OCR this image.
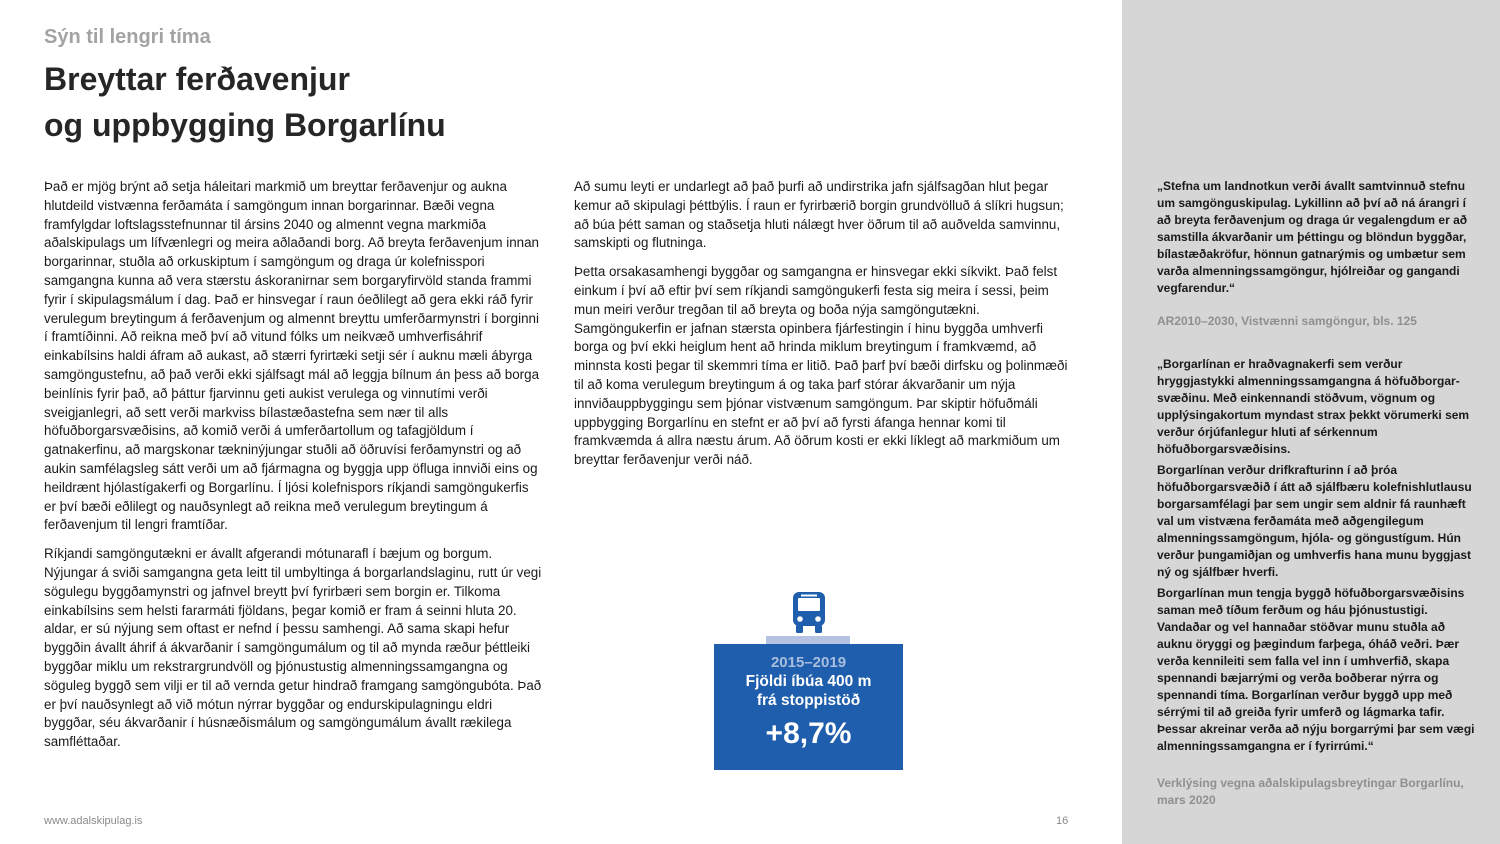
Sýn til lengri tíma
Breyttar ferðavenjur
og uppbygging Borgarlínu

Það er mjög brýnt að setja háleitari markmið um breyttar ferðavenjur og aukna hlutdeild vistvænna ferðamáta í samgöngum innan borgarinnar. Bæði vegna framfylgdar loftslagsstefnunnar til ársins 2040 og almennt vegna markmiða aðalskipulags um lífvænlegri og meira aðlaðandi borg. Að breyta ferðavenjum innan borgarinnar, stuðla að orkuskiptum í samgöngum og draga úr kolefnisspori samgangna kunna að vera stærstu áskoranirnar sem borgaryfirvöld standa frammi fyrir í skipulagsmálum í dag. Það er hinsvegar í raun óeðlilegt að gera ekki ráð fyrir verulegum breytingum á ferðavenjum og almennt breyttu umferðarmynstri í borginni í framtíðinni. Að reikna með því að vitund fólks um neikvæð umhverfisáhrif einkabílsins haldi áfram að aukast, að stærri fyrirtæki setji sér í auknu mæli ábyrga samgöngustefnu, að það verði ekki sjálfsagt mál að leggja bílnum án þess að borga beinlínis fyrir það, að þáttur fjarvinnu geti aukist verulega og vinnutími verði sveigjanlegri, að sett verði markviss bílastæðastefna sem nær til alls höfuðborgarsvæðisins, að komið verði á umferðartollum og tafagjöldum í gatnakerfinu, að margskonar tækninýjungar stuðli að öðruvísi ferðamynstri og að aukin samfélagsleg sátt verði um að fjármagna og byggja upp öfluga innviði eins og heildrænt hjólastígakerfi og Borgarlínu. Í ljósi kolefnispors ríkjandi samgöngukerfis er því bæði eðlilegt og nauðsynlegt að reikna með verulegum breytingum á ferðavenjum til lengri framtíðar.

Ríkjandi samgöngutækni er ávallt afgerandi mótunarafl í bæjum og borgum. Nýjungar á sviði samgangna geta leitt til umbyltinga á borgarlandslaginu, rutt úr vegi sögulegu byggðamynstri og jafnvel breytt því fyrirbæri sem borgin er. Tilkoma einkabílsins sem helsti fararmáti fjöldans, þegar komið er fram á seinni hluta 20. aldar, er sú nýjung sem oftast er nefnd í þessu samhengi. Að sama skapi hefur byggðin ávallt áhrif á ákvarðanir í samgöngumálum og til að mynda ræður þéttleiki byggðar miklu um rekstrargrundvöll og þjónustustig almenningssamgangna og söguleg byggð sem vilji er til að vernda getur hindrað framgang samgöngubóta. Það er því nauðsynlegt að við mótun nýrrar byggðar og endurskipulagningu eldri byggðar, séu ákvarðanir í húsnæðismálum og samgöngumálum ávallt rækilega samfléttaðar.

Að sumu leyti er undarlegt að það þurfi að undirstrika jafn sjálfsagðan hlut þegar kemur að skipulagi þéttbýlis. Í raun er fyrirbærið borgin grundvölluð á slíkri hugsun; að búa þétt saman og staðsetja hluti nálægt hver öðrum til að auðvelda samvinnu, samskipti og flutninga.

Þetta orsakasamhengi byggðar og samgangna er hinsvegar ekki síkvikt. Það felst einkum í því að eftir því sem ríkjandi samgöngukerfi festa sig meira í sessi, þeim mun meiri verður tregðan til að breyta og boða nýja samgöngutækni. Samgöngukerfin er jafnan stærsta opinbera fjárfestingin í hinu byggða umhverfi borga og því ekki heiglum hent að hrinda miklum breytingum í framkvæmd, að minnsta kosti þegar til skemmri tíma er litið. Það þarf því bæði dirfsku og þolinmæði til að koma verulegum breytingum á og taka þarf stórar ákvarðanir um nýja innviðauppbyggingu sem þjónar vistvænum samgöngum. Þar skiptir höfuðmáli uppbygging Borgarlínu en stefnt er að því að fyrsti áfanga hennar komi til framkvæmda á allra næstu árum. Að öðrum kosti er ekki líklegt að markmiðum um breyttar ferðavenjur verði náð.

2015–2019
Fjöldi íbúa 400 m
frá stoppistöð
+8,7%

„Stefna um landnotkun verði ávallt samtvinnuð stefnu um samgönguskipulag. Lykillinn að því að ná árangri í að breyta ferðavenjum og draga úr vegalengdum er að samstilla ákvarðanir um þéttingu og blöndun byggðar, bílastæðakröfur, hönnun gatnarýmis og umbætur sem varða almenningssamgöngur, hjólreiðar og gangandi vegfarendur.“

AR2010–2030, Vistvænni samgöngur, bls. 125

„Borgarlínan er hraðvagnakerfi sem verður hryggjastykki almenningssamgangna á höfuðborgar-svæðinu. Með einkennandi stöðvum, vögnum og upplýsingakortum myndast strax þekkt vörumerki sem verður órjúfanlegur hluti af sérkennum höfuðborgarsvæðisins.

Borgarlínan verður drifkrafturinn í að þróa höfuðborgarsvæðið í átt að sjálfbæru kolefnishlutlausu borgarsamfélagi þar sem ungir sem aldnir fá raunhæft val um vistvæna ferðamáta með aðgengilegum almenningssamgöngum, hjóla- og göngustígum. Hún verður þungamiðjan og umhverfis hana munu byggjast ný og sjálfbær hverfi.

Borgarlínan mun tengja byggð höfuðborgarsvæðisins saman með tíðum ferðum og háu þjónustustigi. Vandaðar og vel hannaðar stöðvar munu stuðla að auknu öryggi og þægindum farþega, óháð veðri. Þær verða kennileiti sem falla vel inn í umhverfið, skapa spennandi bæjarrými og verða boðberar nýrra og spennandi tíma. Borgarlínan verður byggð upp með sérrými til að greiða fyrir umferð og lágmarka tafir. Þessar akreinar verða að nýju borgarrými þar sem vægi almenningssamgangna er í fyrirrúmi.“

Verklýsing vegna aðalskipulagsbreytingar Borgarlínu, mars 2020
www.adalskipulag.is	16
